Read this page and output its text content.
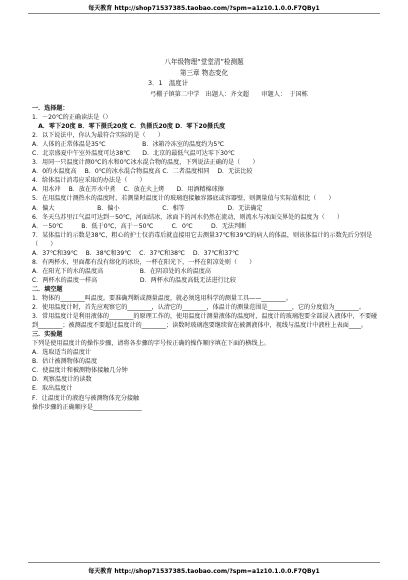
每天教育 http://shop71537385.taobao.com/?spm=a1z10.1.0.0.F7QBy1
八年级物理“堂堂清”检测题
第三章 物态变化
3．1　温度计
弓棚子镇第二中学　出题人：齐文超　　审题人：　于国栋
一．选择题：
1．－20℃的正确读法是（）
　A．零下20度 B．零下摄氏20度 C．负摄氏20度 D．零下20摄氏度
2．以下说法中，你认为最符合实际的是（　　）
A．人体的正常体温是35℃　　　　　　B．冰箱冷冻室的温度约为5℃
C．北京盛夏中午室外温度可达38℃　　D．北京的最低气温可达零下30℃
3．用同一只温度计测0℃的水和0℃冰水混合物的温度，下列说法正确的是（　　）
A．0的水温度高　 B．0℃的冰水混合物温度高 C．二者温度相同　 D．无法比较
4．给体温计消毒应采取的办法是（　　）
A．用水冲　 B．放在开水中煮　 C．放在火上烤　　D．用酒精棉球擦
5．在用温度计测热水的温度时，若测量时温度计的玻璃泡接触容器底或容器壁，则测量值与实际值相比（　　）
A．偏大　　　　　　　B．偏小　　　　　　　C．相等　　　　　　　D．无法确定
6．冬天乌苏里江气温可达到－50℃，河面结冰，冰面下的河水仍然在流动，则流水与冰面交界处的温度为（　　）
A．－50℃　　　B．低于0℃，高于－50℃　　　C．0℃　　　D．无法判断
7．某体温计的示数是38℃，粗心的护士仅消毒后就直接用它去测量37℃和39℃的病人的体温，则该体温计的示数先后分别是（　　）
A．37℃和39℃　 B．38℃和39℃　 C．37℃和38℃　 D．37℃和37℃
8．有两杯水，里面都有没有熔化的冰块，一杯在阳光下，一杯在阴凉处则（　　）
A．在阳光下的水的温度高　　　　　　B．在阴凉处的水的温度高
C．两杯水的温度一样高　　　　　　　D．两杯水的温度高低无法进行比较
二．填空题
1．物体的________叫温度。要准确判断或测量温度，就必须选用科学的测量工具——________。
2．使用温度计时，首先应观察它的________，认清它的________，体温计的测量范围是________，它的分度值为________。
3．常用温度计是利用液体的________的原理工作的，使用温度计测量液体的温度时，温度计的玻璃泡要全部浸入液体中，不要碰到________；被测温度不要超过温度计的________；读数时玻璃泡要继续留在被测液体中，视线与温度计中液柱上表面____。
三．实验题
下列是使用温度计的操作步骤，请将各步骤的字号按正确的操作顺序填在下面的横线上。
A．选取适当的温度计
B．估计被测物体的温度
C．使温度计和被测物体接触几分钟
D．观察温度计的读数
E．取出温度计
F．让温度计的液泡与被测物体充分接触
操作步骤的正确顺序是________________
每天教育 http://shop71537385.taobao.com/?spm=a1z10.1.0.0.F7QBy1
